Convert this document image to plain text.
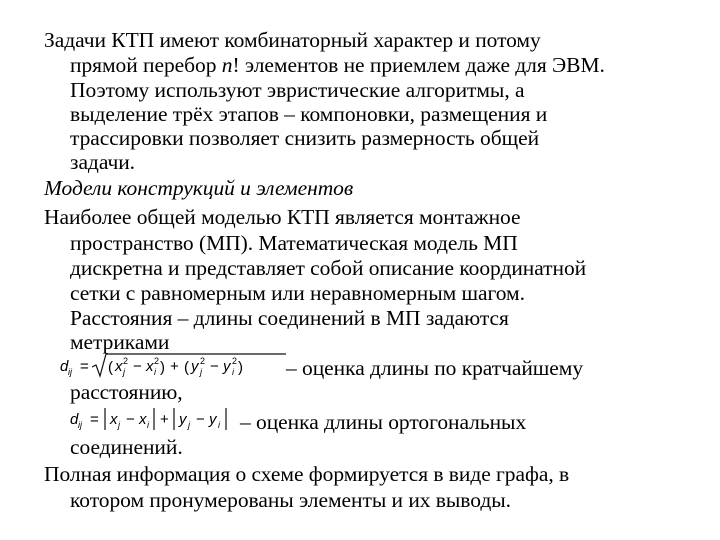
Задачи КТП имеют комбинаторный характер и потому
прямой перебор n! элементов не приемлем даже для ЭВМ.
Поэтому используют эвристические алгоритмы, а
выделение трёх этапов – компоновки, размещения и
трассировки позволяет снизить размерность общей
задачи.
Модели конструкций и элементов
Наиболее общей моделью КТП является монтажное
пространство (МП). Математическая модель МП
дискретна и представляет собой описание координатной
сетки с равномерным или неравномерным шагом.
Расстояния – длины соединений в МП задаются
метриками
d ij = ( x 2
j − x 2
i ) + ( y 2
j − y 2
i ) – оценка длины по кратчайшему
расстоянию,
d ij = x j − x i + y j − y i – оценка длины ортогональных
соединений.
Полная информация о схеме формируется в виде графа, в
котором пронумерованы элементы и их выводы.
